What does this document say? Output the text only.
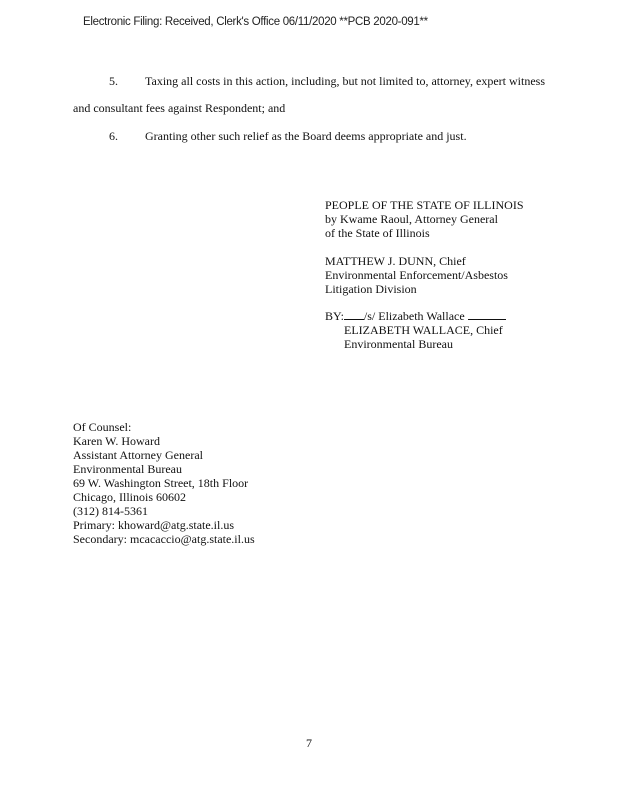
Electronic Filing: Received, Clerk's Office 06/11/2020 **PCB 2020-091**
5.	Taxing all costs in this action, including, but not limited to, attorney, expert witness
and consultant fees against Respondent; and
6.	Granting other such relief as the Board deems appropriate and just.
PEOPLE OF THE STATE OF ILLINOIS
by Kwame Raoul, Attorney General
of the State of Illinois
MATTHEW J. DUNN, Chief
Environmental Enforcement/Asbestos
Litigation Division
BY: /s/ Elizabeth Wallace
ELIZABETH WALLACE, Chief
Environmental Bureau
Of Counsel:
Karen W. Howard
Assistant Attorney General
Environmental Bureau
69 W. Washington Street, 18th Floor
Chicago, Illinois 60602
(312) 814-5361
Primary: khoward@atg.state.il.us
Secondary: mcacaccio@atg.state.il.us
7
